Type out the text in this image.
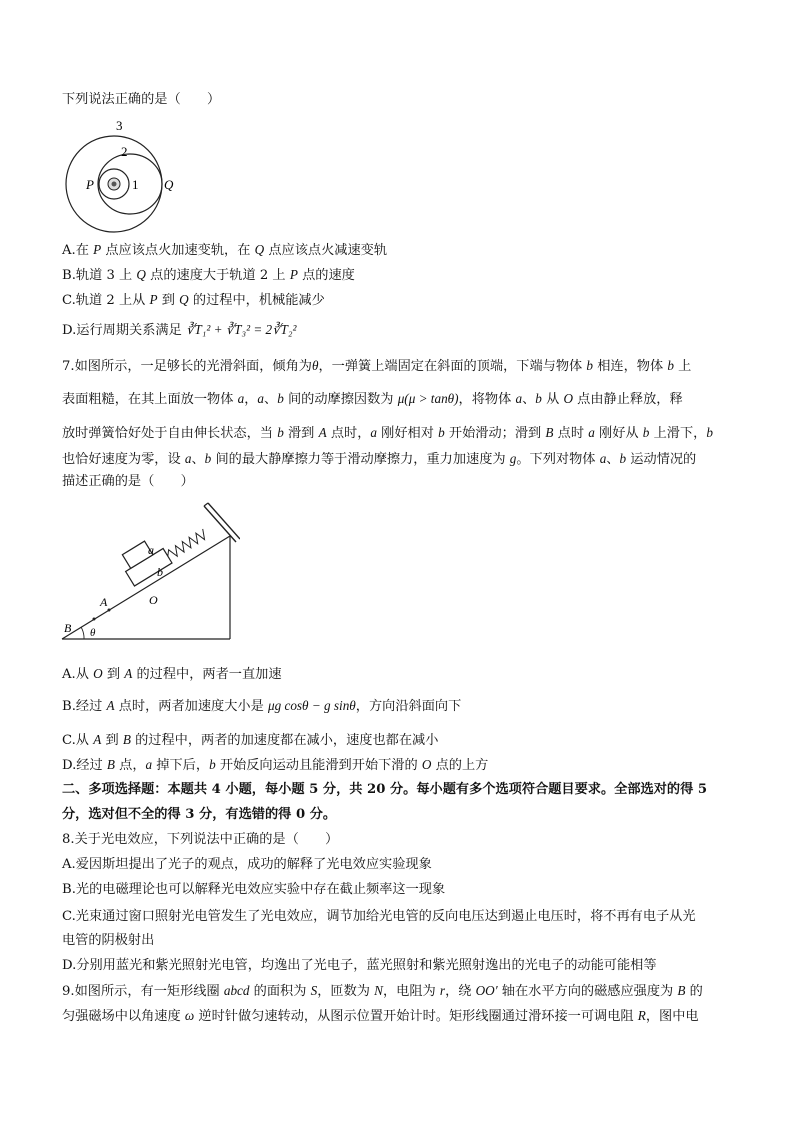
下列说法正确的是（　　）
3
2
1
P	Q
A.在 P 点应该点火加速变轨，在 Q 点应该点火减速变轨
B.轨道 3 上 Q 点的速度大于轨道 2 上 P 点的速度
C.轨道 2 上从 P 到 Q 的过程中，机械能减少
D.运行周期关系满足 ∛T₁² + ∛T₃² = 2∛T₂²
7.如图所示，一足够长的光滑斜面，倾角为θ，一弹簧上端固定在斜面的顶端，下端与物体 b 相连，物体 b 上
表面粗糙，在其上面放一物体 a，a、b 间的动摩擦因数为 μ(μ > tanθ)，将物体 a、b 从 O 点由静止释放，释
放时弹簧恰好处于自由伸长状态，当 b 滑到 A 点时，a 刚好相对 b 开始滑动；滑到 B 点时 a 刚好从 b 上滑下，b
也恰好速度为零，设 a、b 间的最大静摩擦力等于滑动摩擦力，重力加速度为 g。下列对物体 a、b 运动情况的
描述正确的是（　　）
a
b
A	O
B θ
A.从 O 到 A 的过程中，两者一直加速
B.经过 A 点时，两者加速度大小是 μg cosθ − g sinθ，方向沿斜面向下
C.从 A 到 B 的过程中，两者的加速度都在减小，速度也都在减小
D.经过 B 点，a 掉下后，b 开始反向运动且能滑到开始下滑的 O 点的上方
二、多项选择题：本题共 4 小题，每小题 5 分，共 20 分。每小题有多个选项符合题目要求。全部选对的得 5
分，选对但不全的得 3 分，有选错的得 0 分。
8.关于光电效应，下列说法中正确的是（　　）
A.爱因斯坦提出了光子的观点，成功的解释了光电效应实验现象
B.光的电磁理论也可以解释光电效应实验中存在截止频率这一现象
C.光束通过窗口照射光电管发生了光电效应，调节加给光电管的反向电压达到遏止电压时，将不再有电子从光
电管的阴极射出
D.分别用蓝光和紫光照射光电管，均逸出了光电子，蓝光照射和紫光照射逸出的光电子的动能可能相等
9.如图所示，有一矩形线圈 abcd 的面积为 S，匝数为 N，电阻为 r，绕 OO′ 轴在水平方向的磁感应强度为 B 的
匀强磁场中以角速度 ω 逆时针做匀速转动，从图示位置开始计时。矩形线圈通过滑环接一可调电阻 R，图中电
